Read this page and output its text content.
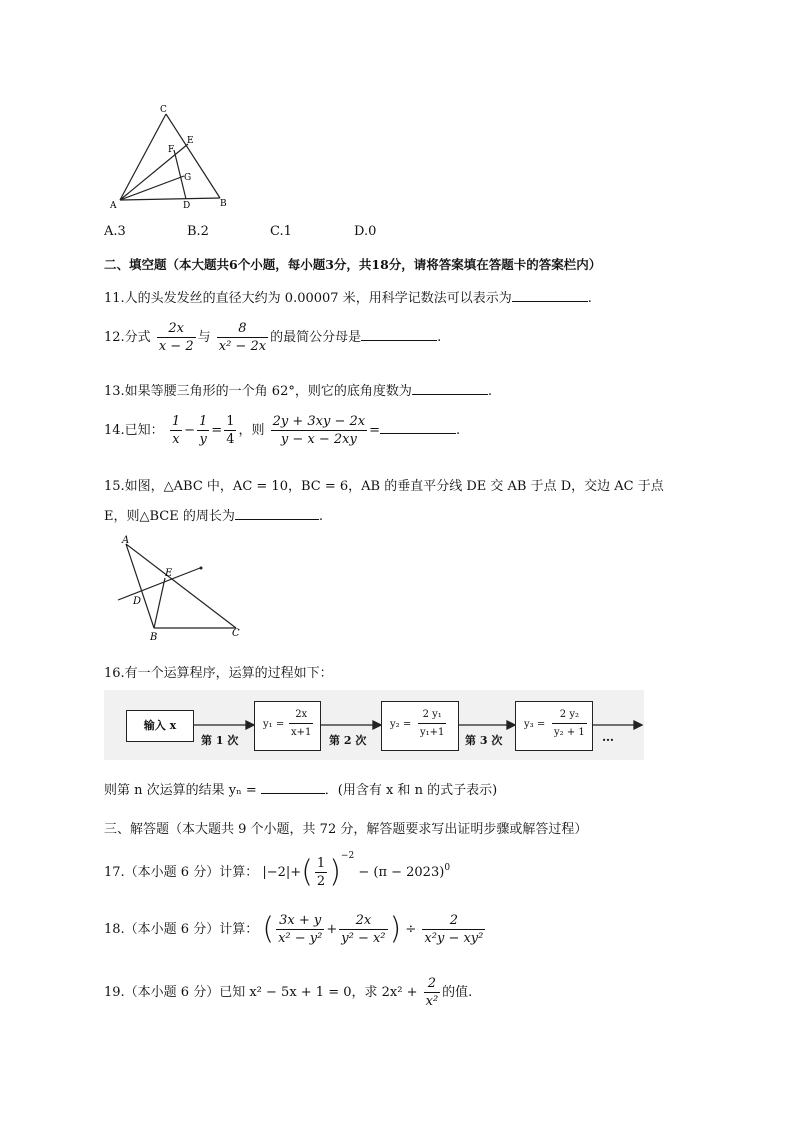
C
E
F
G
A	D	B
A.3	B.2	C.1	D.0
二、填空题（本大题共6个小题，每小题3分，共18分，请将答案填在答题卡的答案栏内）
11.人的头发发丝的直径大约为 0.00007 米，用科学记数法可以表示为	.
12.分式 $\frac{2x}{x - 2}$ 与 $\frac{8}{\text{x² − 2x}}$ 的最简公分母是	.
13.如果等腰三角形的一个角 62°，则它的底角度数为	.
14.已知： $\frac{1}{x} - \frac{1}{y} = \frac{1}{4}$ ，则 $\frac{2y + 3xy - 2x}{y - x - 2xy}$ =	.
15.如图，△ABC 中，AC = 10，BC = 6，AB 的垂直平分线 DE 交 AB 于点 D，交边 AC 于点
E，则△BCE 的周长为	.
A
E
D
B	C
16.有一个运算程序，运算的过程如下：
输入 x
第 1 次
$y_1 = \frac{2x}{x+1}$ 第 2 次
$y_2 = \frac{\text{2 y₁}}{\text{y₁+1}}$ 第 3 次
$y_3 = \frac{\text{2 y₂}}{\text{y₂ + 1}}$ …
则第 n 次运算的结果 yₙ =	．(用含有 x 和 n 的式子表示)
三、解答题（本大题共 9 个小题，共 72 分，解答题要求写出证明步骤或解答过程）
17.（本小题 6 分）计算： $|-2|+( \frac{1}{2} )^{-2} - (\pi - 2023)^0$
18.（本小题 6 分）计算： ( $\frac{3x + y}{\text{x² − y²}} + \frac{2x}{\text{y² − x²}}$ ) ÷ $\frac{2}{\text{x²y − xy²}}$
19.（本小题 6 分）已知 x² − 5x + 1 = 0，求 $2x^2 + \frac{2}{\text{x²}}$ 的值.
